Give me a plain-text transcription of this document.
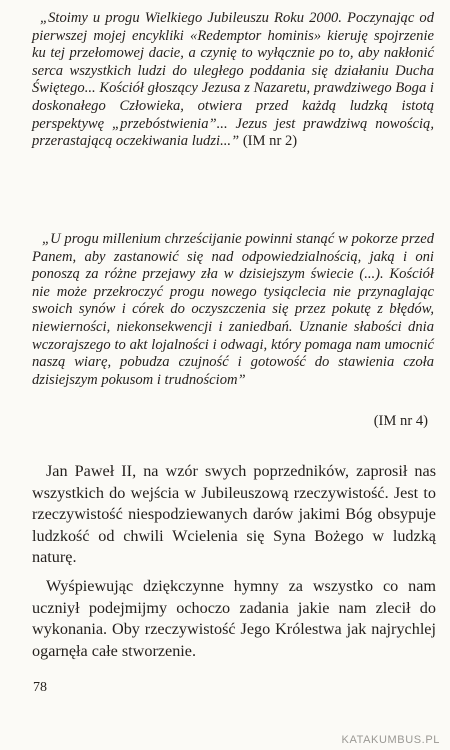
„Stoimy u progu Wielkiego Jubileuszu Roku 2000. Poczynając od pierwszej mojej encykliki «Redemptor hominis» kieruję spojrzenie ku tej przełomowej dacie, a czynię to wyłącznie po to, aby nakłonić serca wszystkich ludzi do uległego poddania się działaniu Ducha Świętego... Kościół głoszący Jezusa z Nazaretu, prawdziwego Boga i doskonałego Człowieka, otwiera przed każdą ludzką istotą perspektywę „przebóstwienia”... Jezus jest prawdziwą nowością, przerastającą oczekiwania ludzi...” (IM nr 2)

„U progu millenium chrześcijanie powinni stanąć w pokorze przed Panem, aby zastanowić się nad odpowiedzialnością, jaką i oni ponoszą za różne przejawy zła w dzisiejszym świecie (...). Kościół nie może przekroczyć progu nowego tysiąclecia nie przynaglając swoich synów i córek do oczyszczenia się przez pokutę z błędów, niewierności, niekonsekwencji i zaniedbań. Uznanie słabości dnia wczorajszego to akt lojalności i odwagi, który pomaga nam umocnić naszą wiarę, pobudza czujność i gotowość do stawienia czoła dzisiejszym pokusom i trudnościom”

(IM nr 4)

Jan Paweł II, na wzór swych poprzedników, zaprosił nas wszystkich do wejścia w Jubileuszową rzeczywistość. Jest to rzeczywistość niespodziewanych darów jakimi Bóg obsypuje ludzkość od chwili Wcielenia się Syna Bożego w ludzką naturę.

Wyśpiewując dziękczynne hymny za wszystko co nam uczniył podejmijmy ochoczo zadania jakie nam zlecił do wykonania. Oby rzeczywistość Jego Królestwa jak najrychlej ogarnęła całe stworzenie.

78
KATAKUMBUS.PL
